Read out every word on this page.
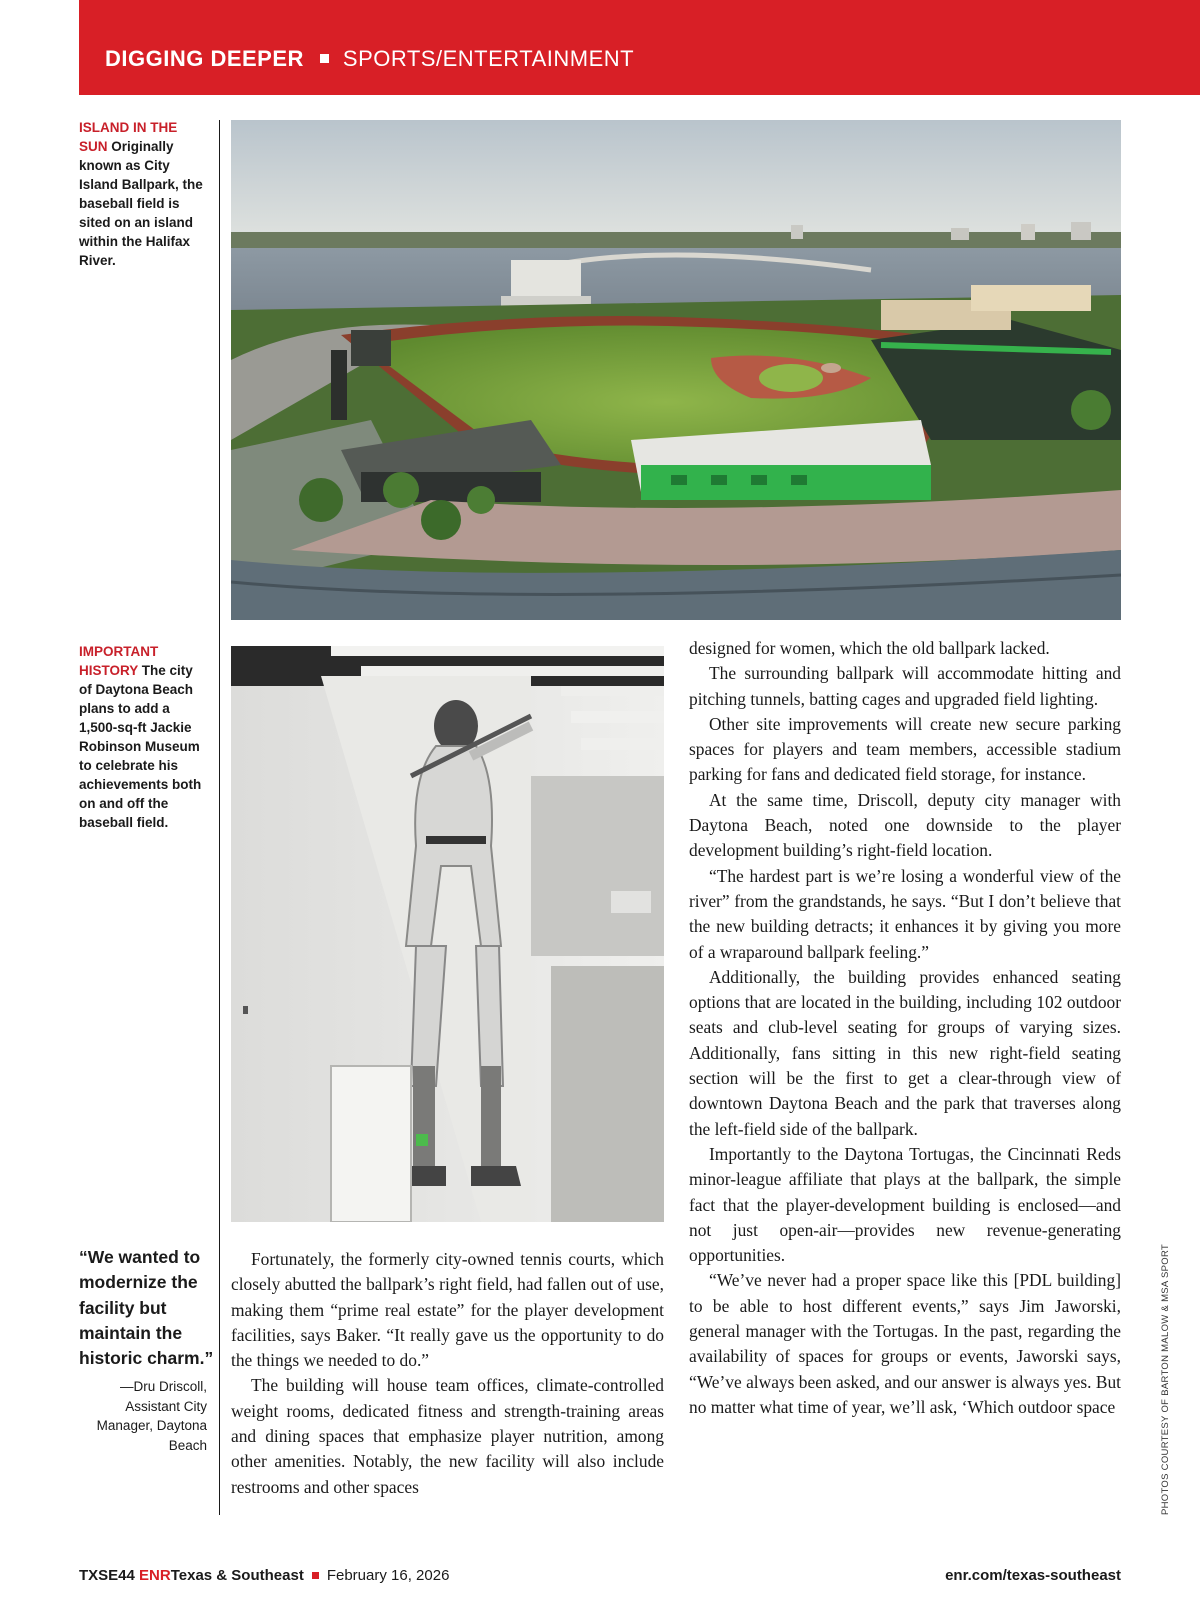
DIGGING DEEPER SPORTS/ENTERTAINMENT
ISLAND IN THE SUN Originally known as City Island Ballpark, the baseball field is sited on an island within the Halifax River.
IMPORTANT HISTORY The city of Daytona Beach plans to add a 1,500-sq-ft Jackie Robinson Museum to celebrate his achievements both on and off the baseball field.
“We wanted to modernize the facility but maintain the historic charm.”
—Dru Driscoll, Assistant City Manager, Daytona Beach

Fortunately, the formerly city-owned tennis courts, which closely abutted the ballpark’s right field, had fallen out of use, making them “prime real estate” for the player development facilities, says Baker. “It really gave us the opportunity to do the things we needed to do.”

The building will house team offices, climate-controlled weight rooms, dedicated fitness and strength-training areas and dining spaces that emphasize player nutrition, among other amenities. Notably, the new facility will also include restrooms and other spaces

designed for women, which the old ballpark lacked.

The surrounding ballpark will accommodate hitting and pitching tunnels, batting cages and upgraded field lighting.

Other site improvements will create new secure parking spaces for players and team members, accessible stadium parking for fans and dedicated field storage, for instance.

At the same time, Driscoll, deputy city manager with Daytona Beach, noted one downside to the player development building’s right-field location.

“The hardest part is we’re losing a wonderful view of the river” from the grandstands, he says. “But I don’t believe that the new building detracts; it enhances it by giving you more of a wraparound ballpark feeling.”

Additionally, the building provides enhanced seating options that are located in the building, including 102 outdoor seats and club-level seating for groups of varying sizes. Additionally, fans sitting in this new right-field seating section will be the first to get a clear-through view of downtown Daytona Beach and the park that traverses along the left-field side of the ballpark.

Importantly to the Daytona Tortugas, the Cincinnati Reds minor-league affiliate that plays at the ballpark, the simple fact that the player-development building is enclosed—and not just open-air—provides new revenue-generating opportunities.

“We’ve never had a proper space like this [PDL building] to be able to host different events,” says Jim Jaworski, general manager with the Tortugas. In the past, regarding the availability of spaces for groups or events, Jaworski says, “We’ve always been asked, and our answer is always yes. But no matter what time of year, we’ll ask, ‘Which outdoor space	PHOTOS COURTESY OF BARTON MALOW & MSA SPORT
TXSE44 ENRTexas & Southeast February 16, 2026	enr.com/texas-southeast
